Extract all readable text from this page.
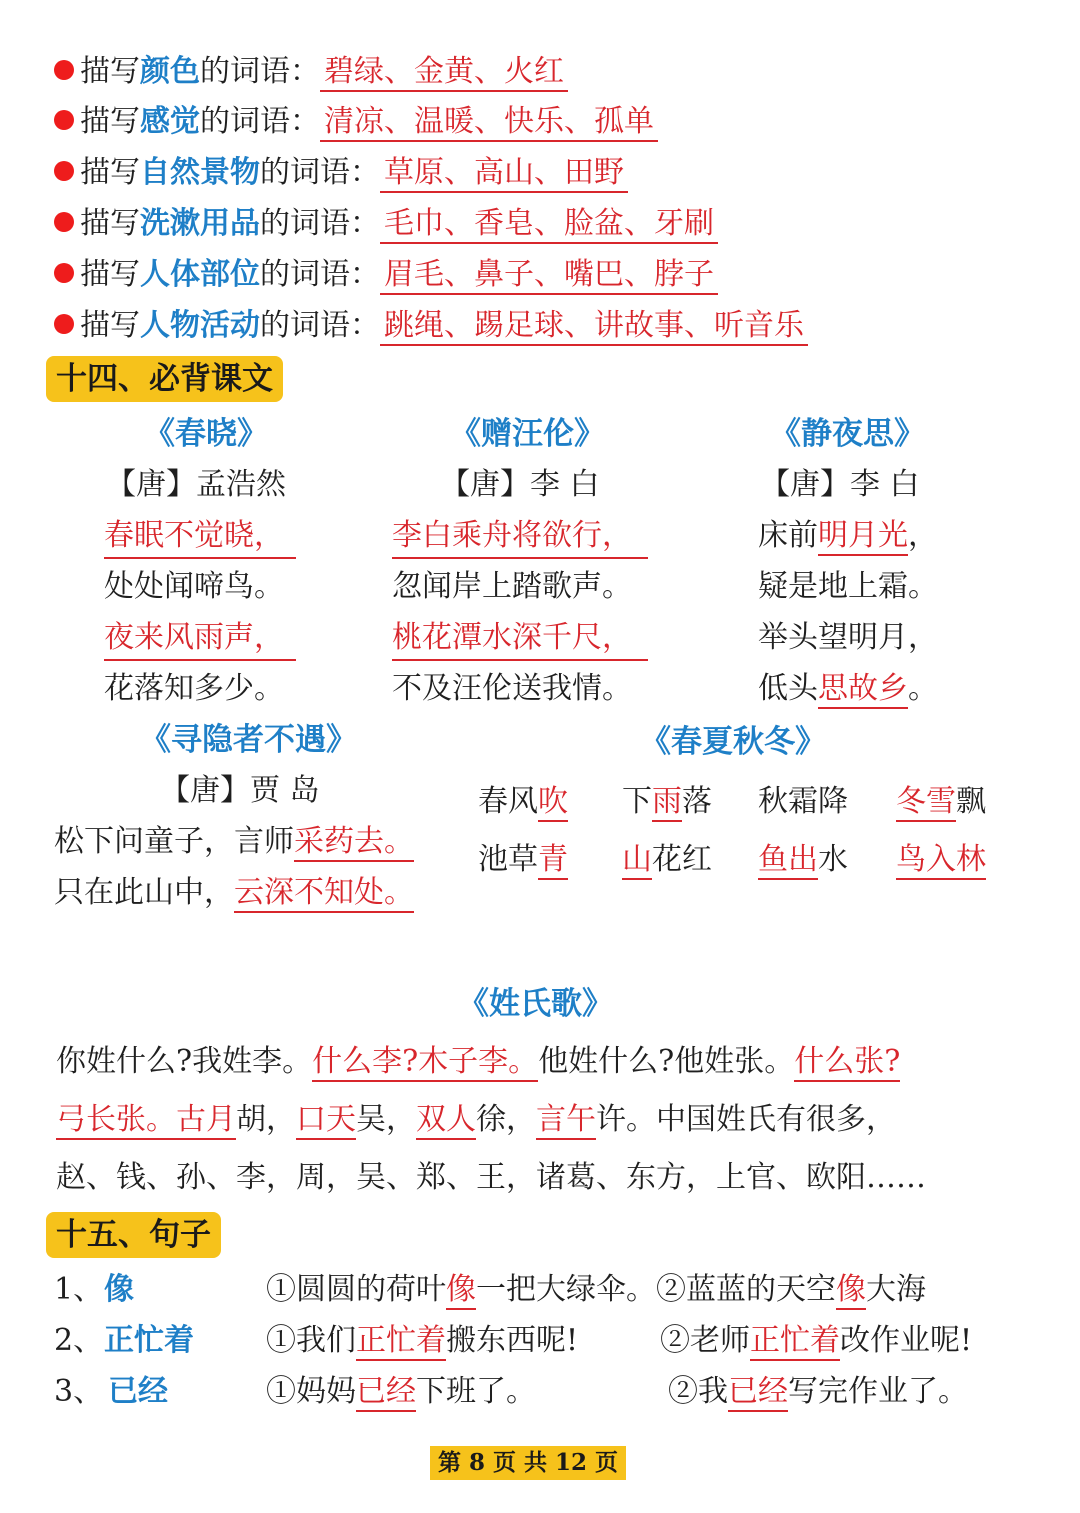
描写颜色的词语： 碧绿、金黄、火红
描写感觉的词语： 清凉、温暖、快乐、孤单
描写自然景物的词语： 草原、高山、田野
描写洗漱用品的词语： 毛巾、香皂、脸盆、牙刷
描写人体部位的词语： 眉毛、鼻子、嘴巴、脖子
描写人物活动的词语： 跳绳、踢足球、讲故事、听音乐
十四、必背课文
《春晓》
【唐】孟浩然
春眠不觉晓，
处处闻啼鸟。
夜来风雨声，
花落知多少。
《赠汪伦》
【唐】李 白
李白乘舟将欲行，
忽闻岸上踏歌声。
桃花潭水深千尺，
不及汪伦送我情。
《静夜思》
【唐】李 白
床前明月光，
疑是地上霜。
举头望明月，
低头思故乡。
《寻隐者不遇》
【唐】贾 岛
松下问童子，言师采药去。
只在此山中，云深不知处。
《春夏秋冬》
春风吹 下雨落 秋霜降 冬雪飘
池草青 山花红 鱼出水 鸟入林
《姓氏歌》
你姓什么?我姓李。什么李?木子李。他姓什么?他姓张。什么张?
弓长张。古月胡，口天吴，双人徐，言午许。中国姓氏有很多，
赵、钱、孙、李，周，吴、郑、王，诸葛、东方，上官、欧阳……
十五、句子
1、 像	①圆圆的荷叶像一把大绿伞。②蓝蓝的天空像大海
2、 正忙着 ①我们正忙着搬东西呢!	②老师正忙着改作业呢!
3、 已经	①妈妈已经下班了。	②我已经写完作业了。
第 8 页 共 12 页
